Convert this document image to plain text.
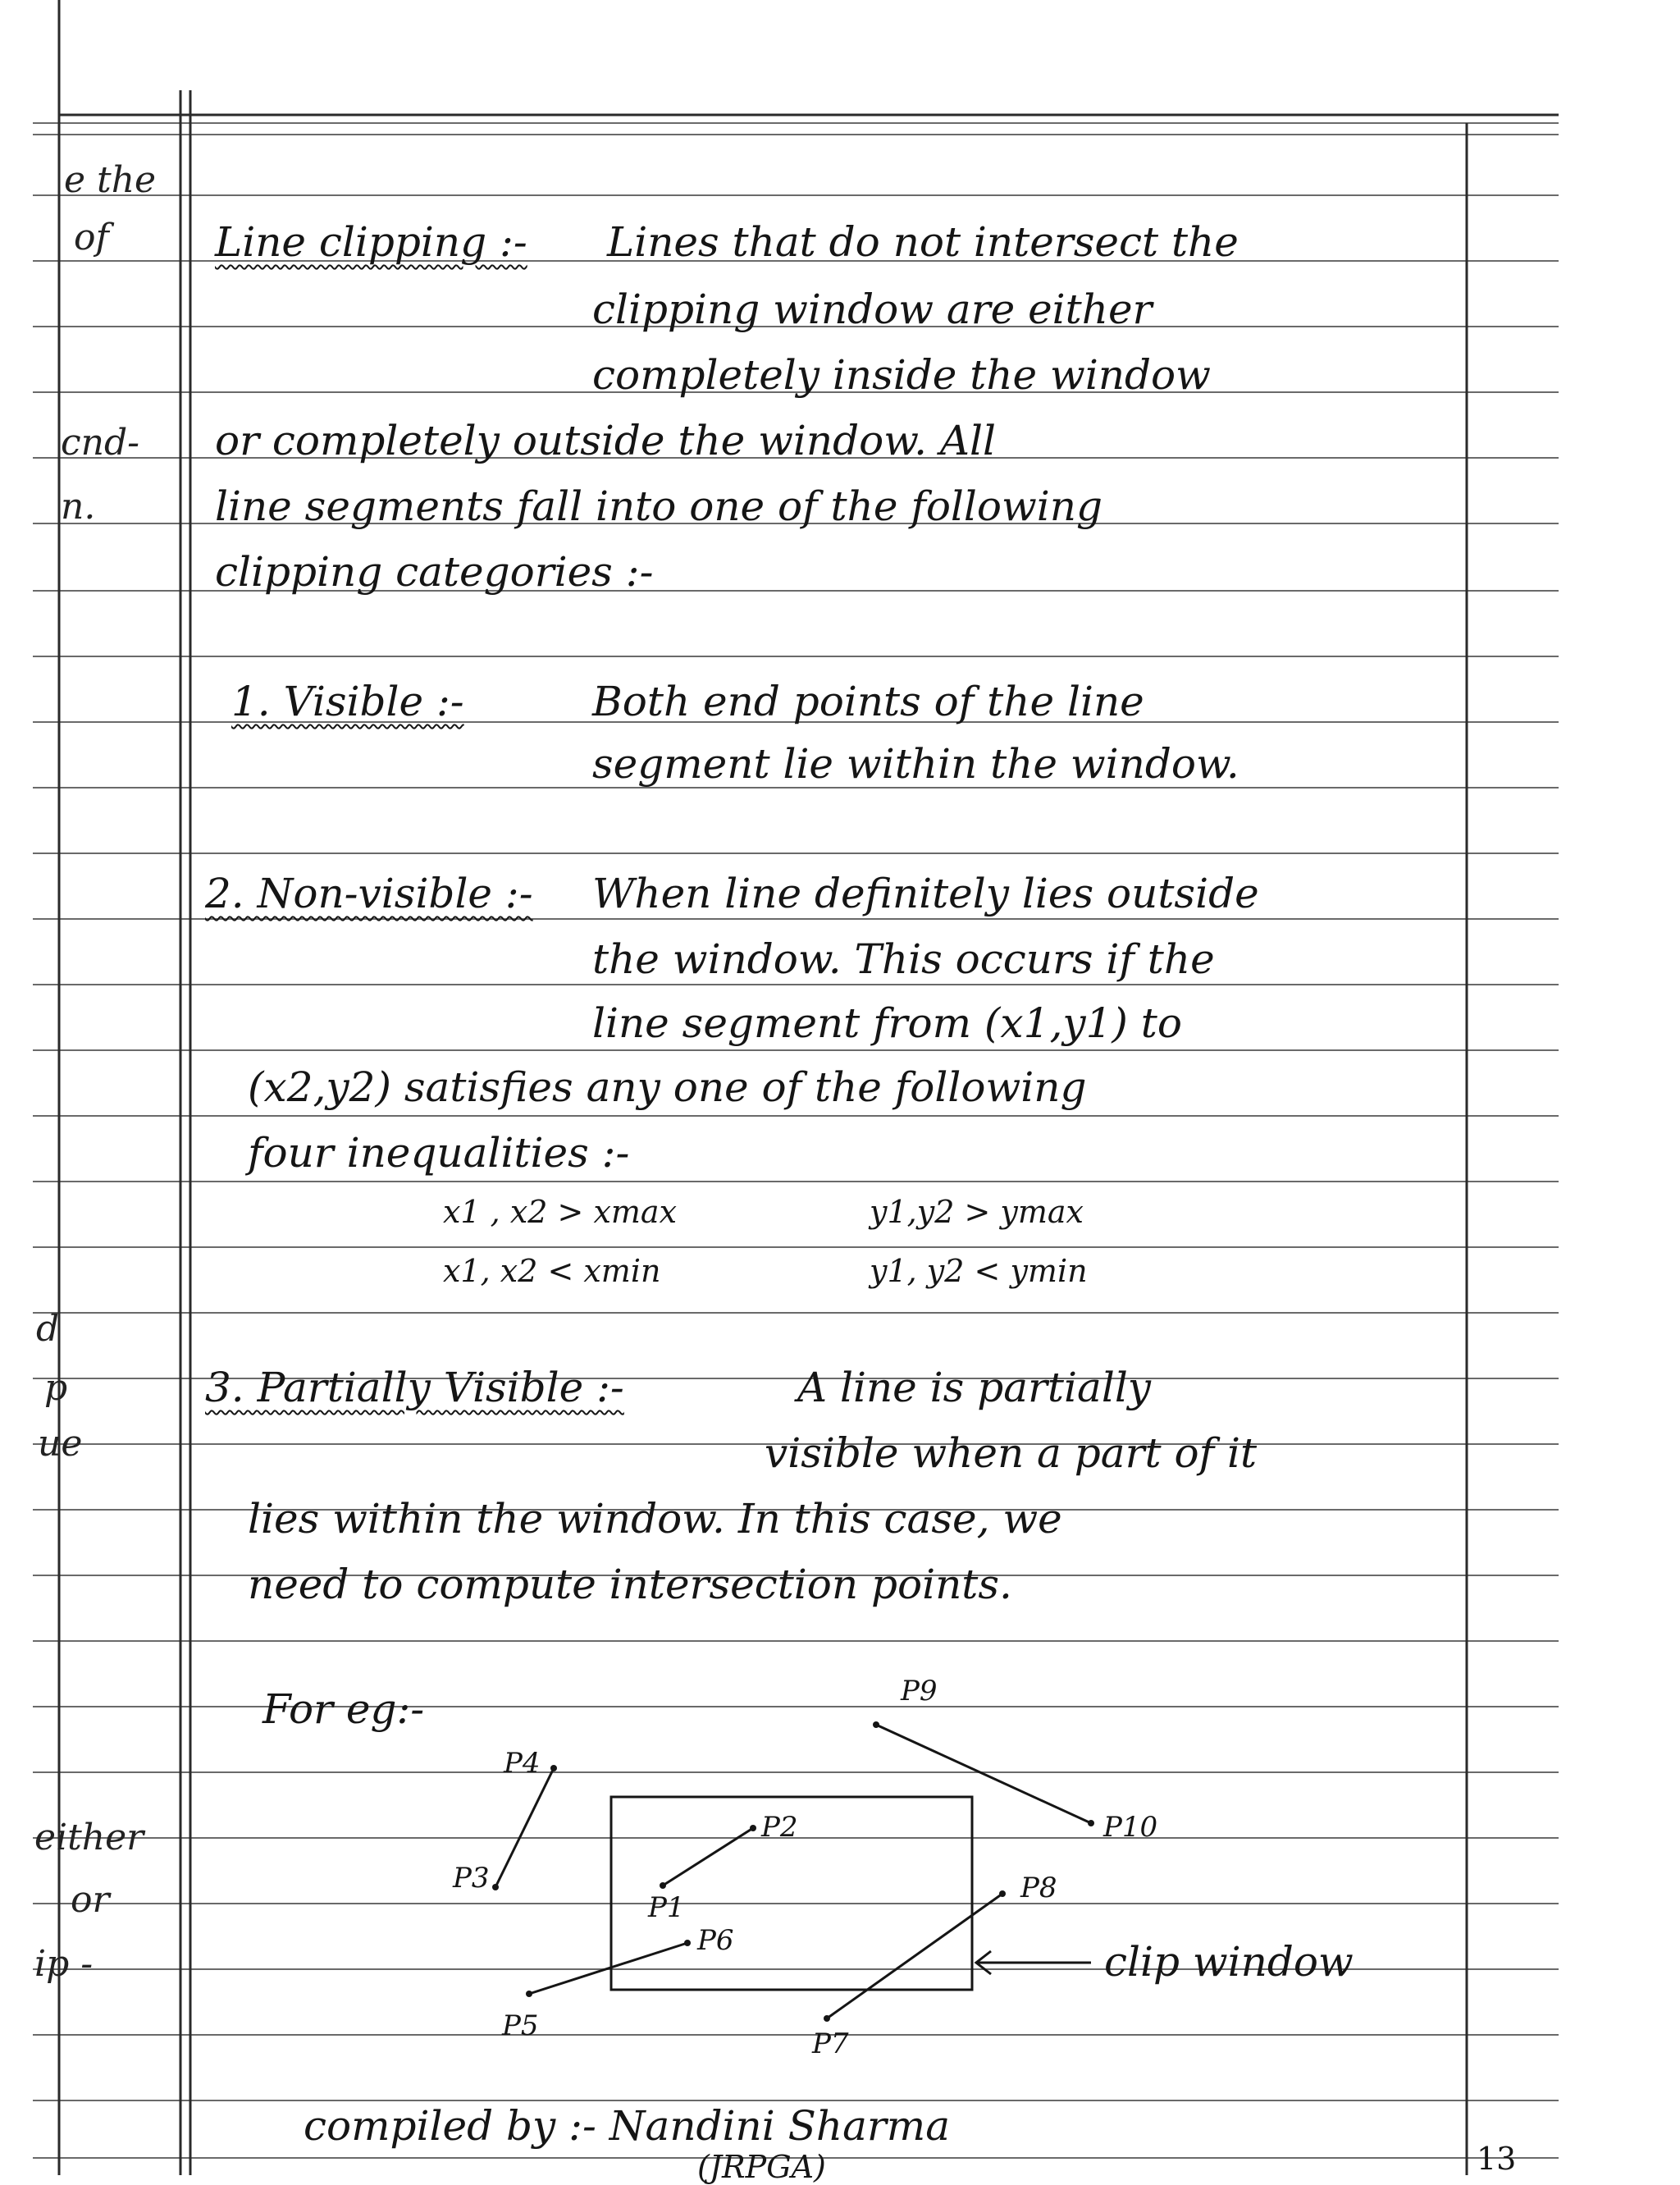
e the
of
cnd-
n.
d
p
ue
either
or
ip -
Line clipping :- Lines that do not intersect the
clipping window are either
completely inside the window
or completely outside the window. All
line segments fall into one of the following
clipping categories :-
1. Visible :-	Both end points of the line
segment lie within the window.
2. Non-visible :- When line definitely lies outside
the window. This occurs if the
line segment from (x1,y1) to
(x2,y2) satisfies any one of the following
four inequalities :-
x1 , x2 > xmax	y1,y2 > ymax
x1, x2 < xmin	y1, y2 < ymin
3. Partially Visible :-	A line is partially
visible when a part of it
lies within the window. In this case, we
need to compute intersection points.
For eg:-
P1
P2
P3
P4
P5
P6
P7
P8
P9
P10
clip window
compiled by :- Nandini Sharma
(JRPGA)	13
